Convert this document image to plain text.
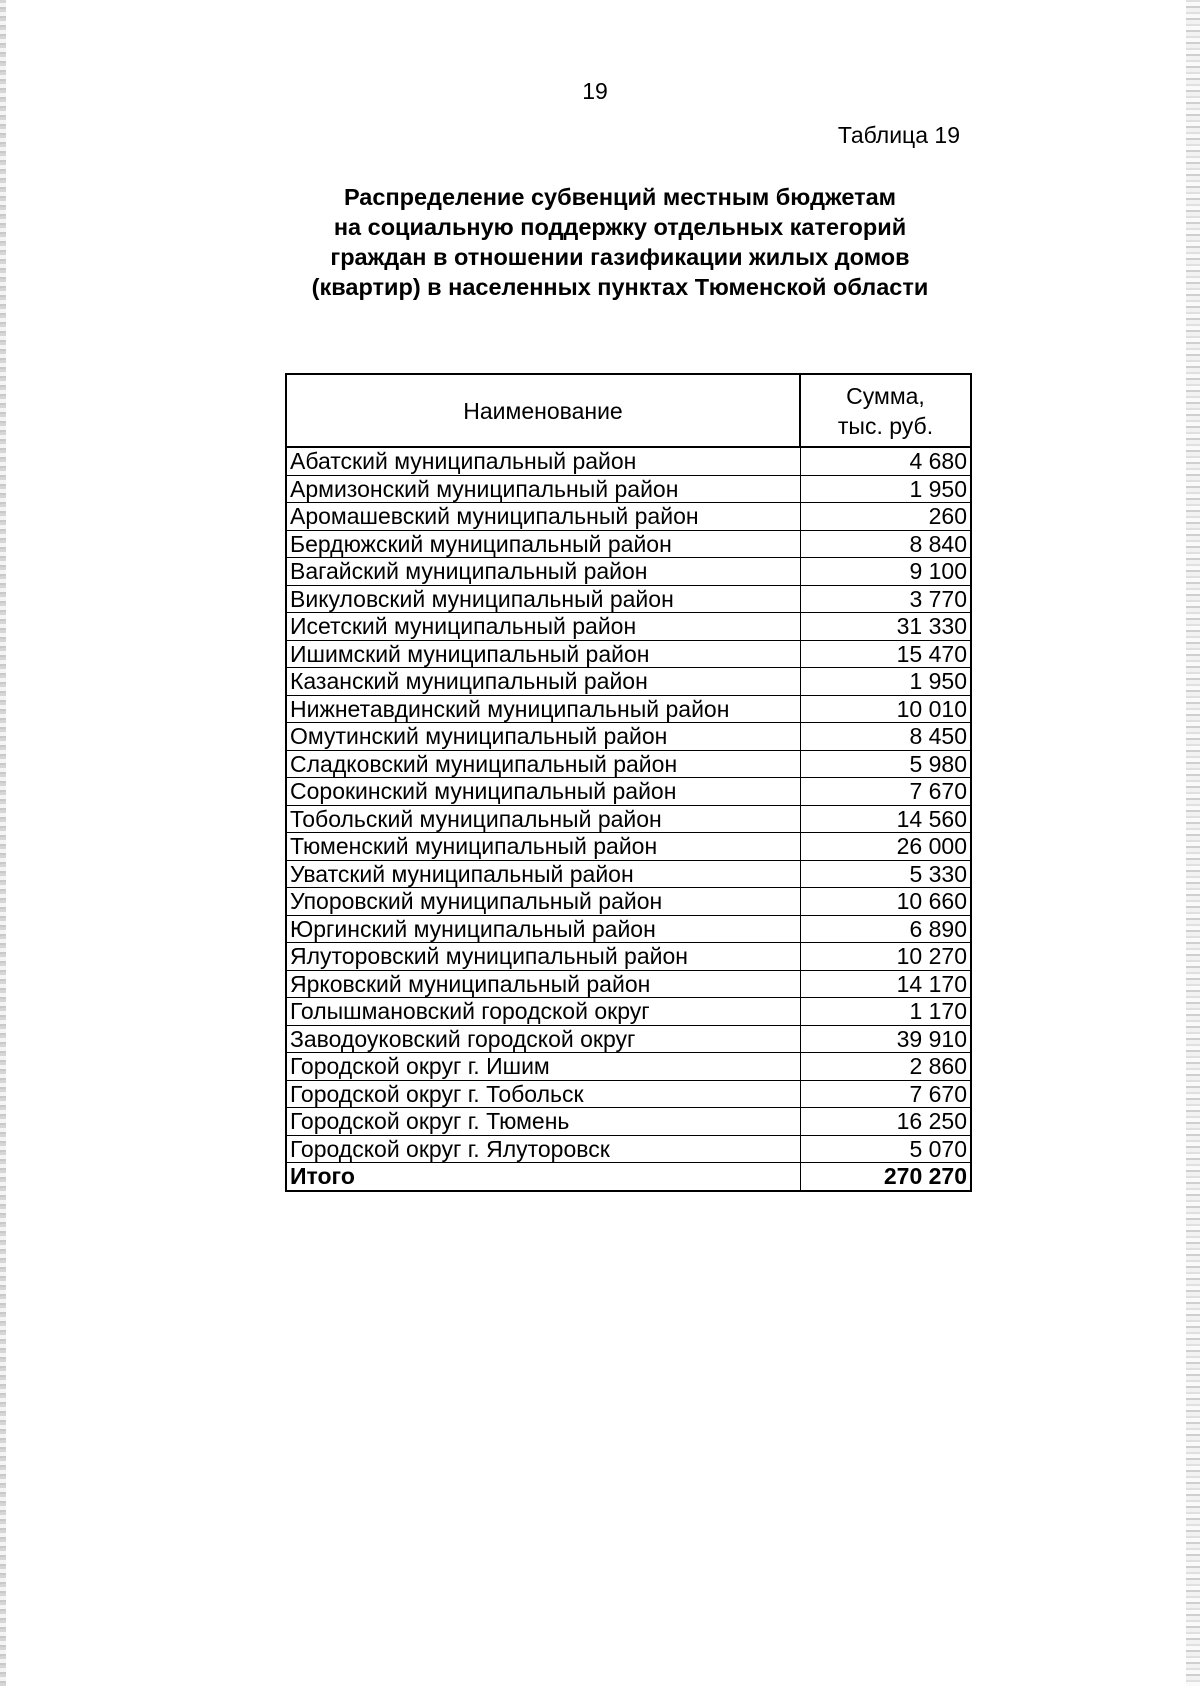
19
Таблица 19
Распределение субвенций местным бюджетам
на социальную поддержку отдельных категорий
граждан в отношении газификации жилых домов
(квартир) в населенных пунктах Тюменской области
Наименование	Сумма,
тыс. руб.
Абатский муниципальный район	4 680
Армизонский муниципальный район	1 950
Аромашевский муниципальный район	260
Бердюжский муниципальный район	8 840
Вагайский муниципальный район	9 100
Викуловский муниципальный район	3 770
Исетский муниципальный район	31 330
Ишимский муниципальный район	15 470
Казанский муниципальный район	1 950
Нижнетавдинский муниципальный район	10 010
Омутинский муниципальный район	8 450
Сладковский муниципальный район	5 980
Сорокинский муниципальный район	7 670
Тобольский муниципальный район	14 560
Тюменский муниципальный район	26 000
Уватский муниципальный район	5 330
Упоровский муниципальный район	10 660
Юргинский муниципальный район	6 890
Ялуторовский муниципальный район	10 270
Ярковский муниципальный район	14 170
Голышмановский городской округ	1 170
Заводоуковский городской округ	39 910
Городской округ г. Ишим	2 860
Городской округ г. Тобольск	7 670
Городской округ г. Тюмень	16 250
Городской округ г. Ялуторовск	5 070
Итого	270 270
